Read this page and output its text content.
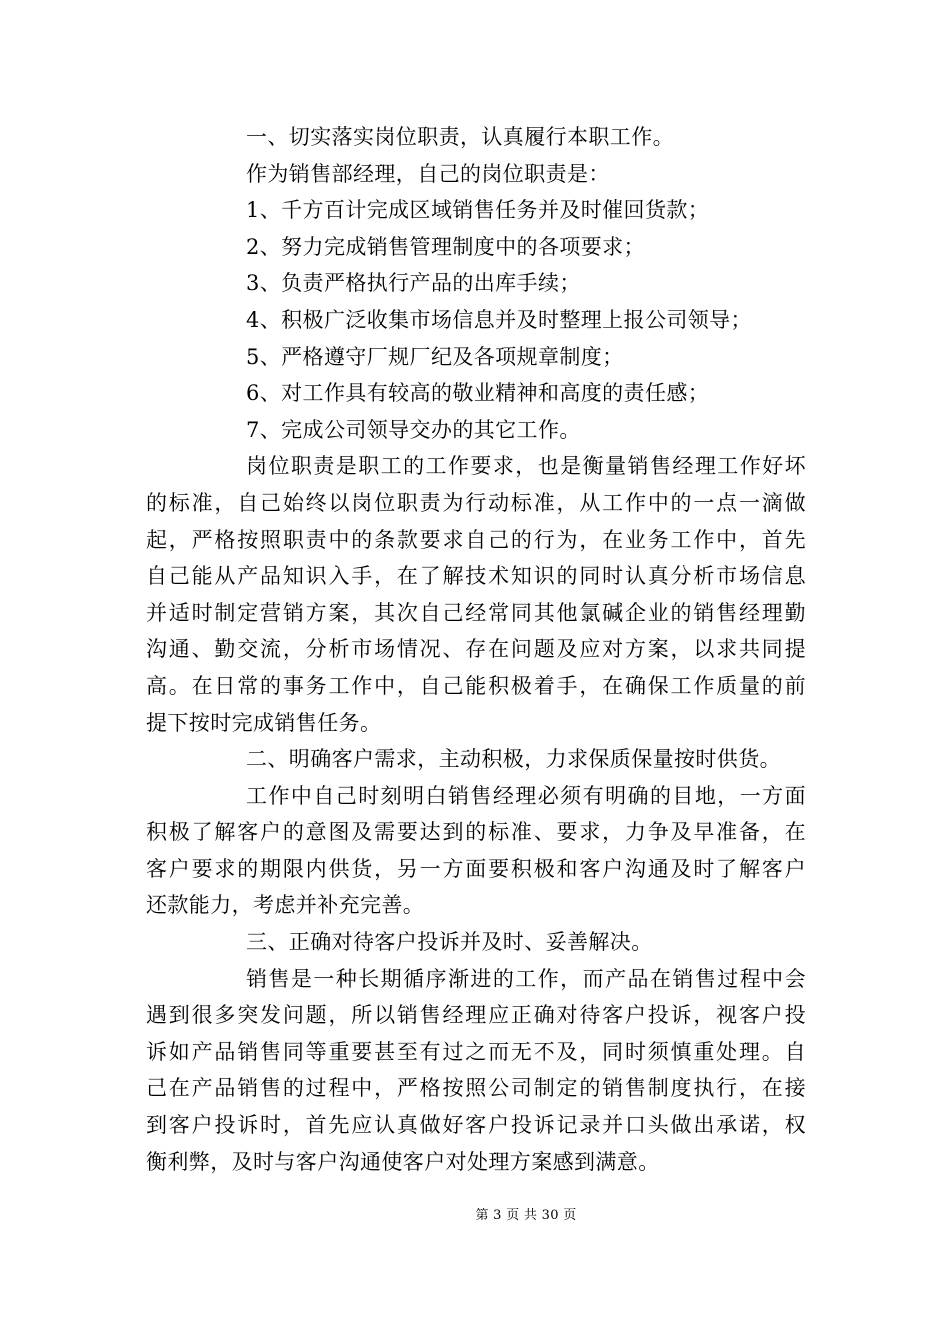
一、切实落实岗位职责，认真履行本职工作。
作为销售部经理，自己的岗位职责是：
1、千方百计完成区域销售任务并及时催回货款；
2、努力完成销售管理制度中的各项要求；
3、负责严格执行产品的出库手续；
4、积极广泛收集市场信息并及时整理上报公司领导；
5、严格遵守厂规厂纪及各项规章制度；
6、对工作具有较高的敬业精神和高度的责任感；
7、完成公司领导交办的其它工作。
岗位职责是职工的工作要求，也是衡量销售经理工作好坏
的标准，自己始终以岗位职责为行动标准，从工作中的一点一滴做
起，严格按照职责中的条款要求自己的行为，在业务工作中，首先
自己能从产品知识入手，在了解技术知识的同时认真分析市场信息
并适时制定营销方案，其次自己经常同其他氯碱企业的销售经理勤
沟通、勤交流，分析市场情况、存在问题及应对方案，以求共同提
高。在日常的事务工作中，自己能积极着手，在确保工作质量的前
提下按时完成销售任务。
二、明确客户需求，主动积极，力求保质保量按时供货。
工作中自己时刻明白销售经理必须有明确的目地，一方面
积极了解客户的意图及需要达到的标准、要求，力争及早准备，在
客户要求的期限内供货，另一方面要积极和客户沟通及时了解客户
还款能力，考虑并补充完善。
三、正确对待客户投诉并及时、妥善解决。
销售是一种长期循序渐进的工作，而产品在销售过程中会
遇到很多突发问题，所以销售经理应正确对待客户投诉，视客户投
诉如产品销售同等重要甚至有过之而无不及，同时须慎重处理。自
己在产品销售的过程中，严格按照公司制定的销售制度执行，在接
到客户投诉时，首先应认真做好客户投诉记录并口头做出承诺，权
衡利弊，及时与客户沟通使客户对处理方案感到满意。
第 3 页 共 30 页
